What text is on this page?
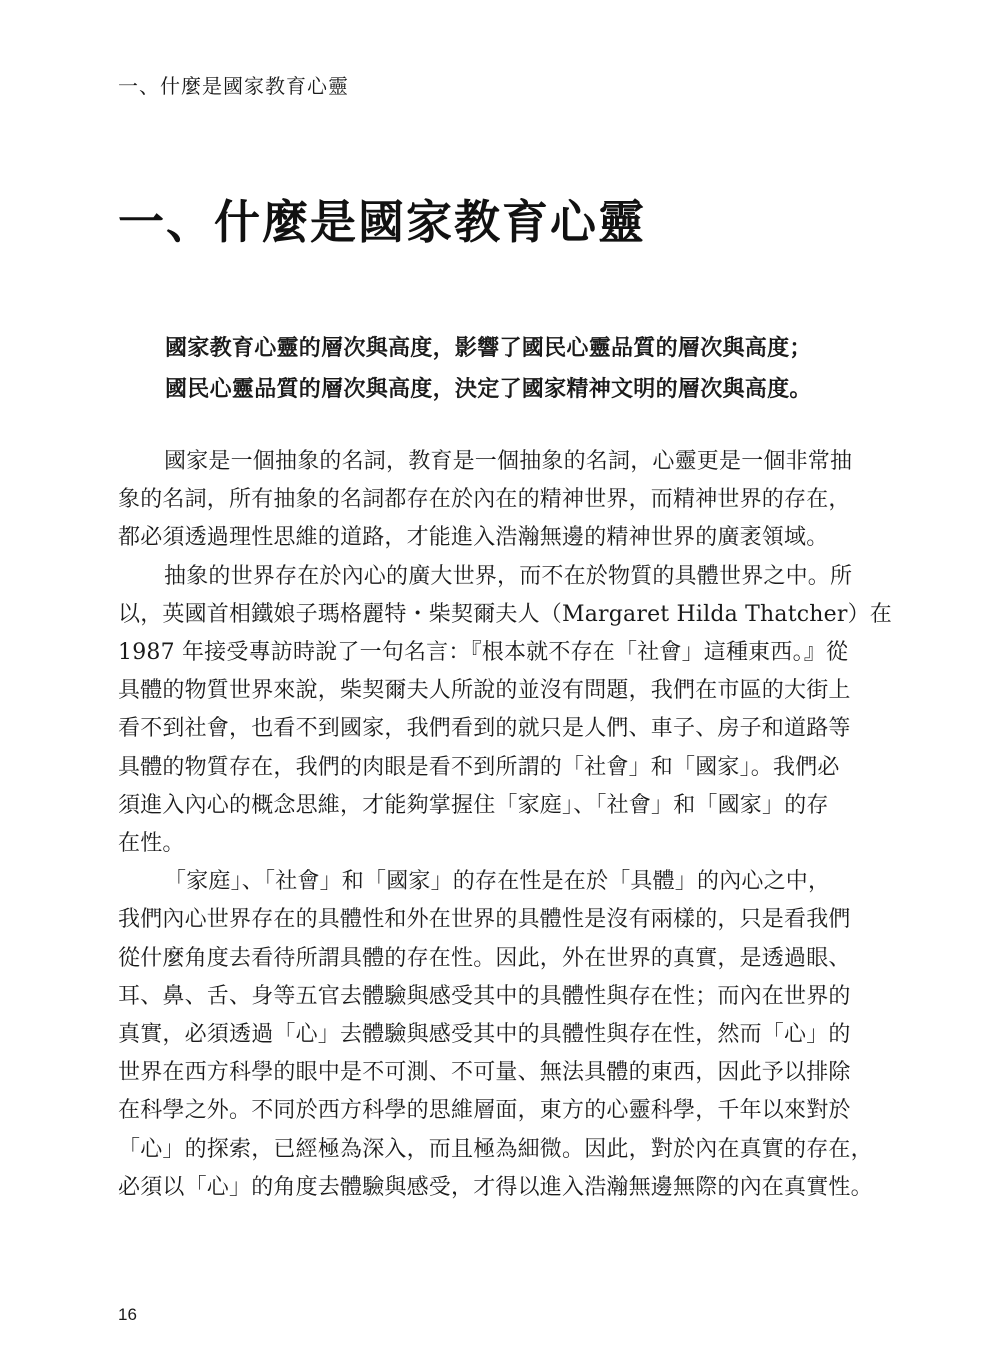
一、什麼是國家教育心靈
一、什麼是國家教育心靈
國家教育心靈的層次與高度，影響了國民心靈品質的層次與高度；
國民心靈品質的層次與高度，決定了國家精神文明的層次與高度。
國家是一個抽象的名詞，教育是一個抽象的名詞，心靈更是一個非常抽
象的名詞，所有抽象的名詞都存在於內在的精神世界，而精神世界的存在，
都必須透過理性思維的道路，才能進入浩瀚無邊的精神世界的廣袤領域。
抽象的世界存在於內心的廣大世界，而不在於物質的具體世界之中。所
以，英國首相鐵娘子瑪格麗特・柴契爾夫人（Margaret Hilda Thatcher）在
1987 年接受專訪時說了一句名言：『根本就不存在「社會」這種東西。』從
具體的物質世界來說，柴契爾夫人所說的並沒有問題，我們在市區的大街上
看不到社會，也看不到國家，我們看到的就只是人們、車子、房子和道路等
具體的物質存在，我們的肉眼是看不到所謂的「社會」和「國家」。我們必
須進入內心的概念思維，才能夠掌握住「家庭」、「社會」和「國家」的存
在性。
「家庭」、「社會」和「國家」的存在性是在於「具體」的內心之中，
我們內心世界存在的具體性和外在世界的具體性是沒有兩樣的，只是看我們
從什麼角度去看待所謂具體的存在性。因此，外在世界的真實，是透過眼、
耳、鼻、舌、身等五官去體驗與感受其中的具體性與存在性；而內在世界的
真實，必須透過「心」去體驗與感受其中的具體性與存在性，然而「心」的
世界在西方科學的眼中是不可測、不可量、無法具體的東西，因此予以排除
在科學之外。不同於西方科學的思維層面，東方的心靈科學，千年以來對於
「心」的探索，已經極為深入，而且極為細微。因此，對於內在真實的存在，
必須以「心」的角度去體驗與感受，才得以進入浩瀚無邊無際的內在真實性。
16
